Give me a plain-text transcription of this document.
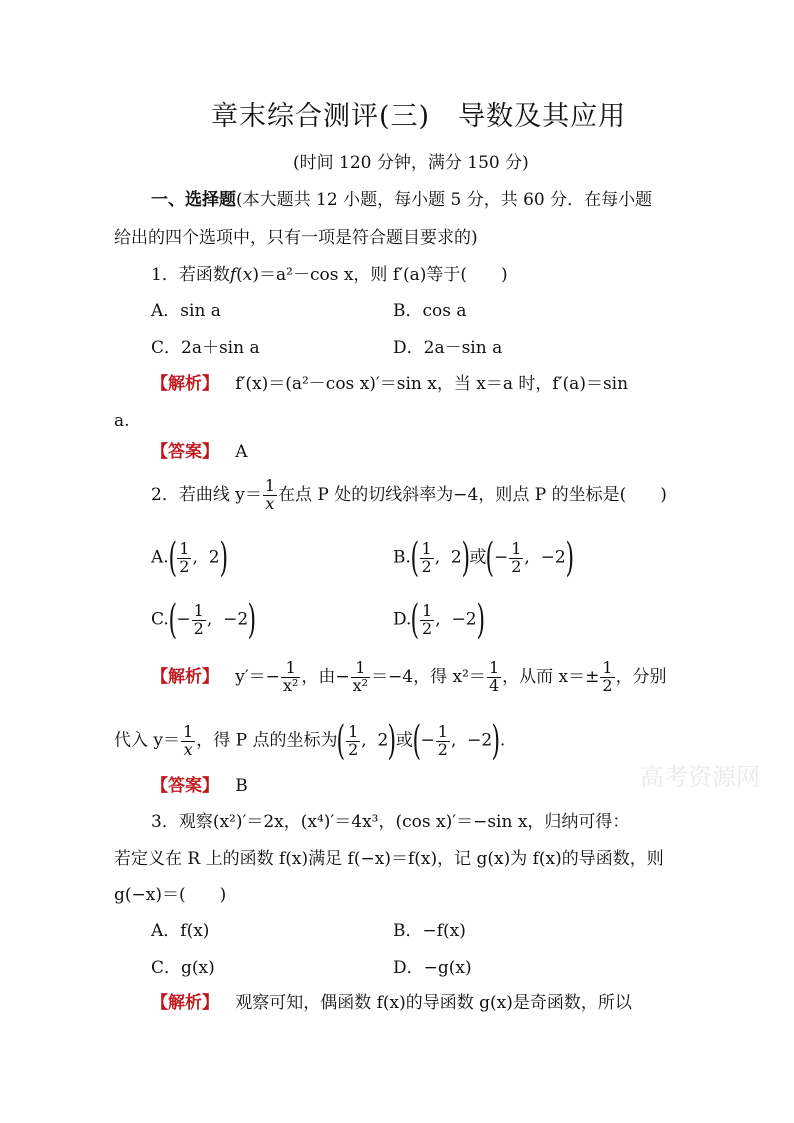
章末综合测评(三)　导数及其应用
(时间 120 分钟，满分 150 分)
一、选择题(本大题共 12 小题，每小题 5 分，共 60 分．在每小题
给出的四个选项中，只有一项是符合题目要求的)
1．若函数f(x)＝a²－cos x，则 f′(a)等于(　　)
A．sin a	B．cos a
C．2a＋sin a	D．2a－sin a
【解析】 f′(x)＝(a²－cos x)′＝sin x，当 x＝a 时，f′(a)＝sin
a.
【答案】 A
2．若曲线 $y= \frac{1}{x}$ 在点 P 处的切线斜率为−4，则点 P 的坐标是(　　)
$A.( \frac{1}{2}$ ,  2)	$B.( \frac{1}{2}$ ,  2)或(− $\frac{1}{2}$ ,  −2)
$C.(- \frac{1}{2}$ ,  −2)	$D.( \frac{1}{2}$ ,  −2)
【解析】 $y'=- \frac{1}{\text{x²}}$ ，由− $\frac{1}{\text{x²}} =-4$，得 $x^2= \frac{1}{4}$ ，从而 $x=\pm \frac{1}{2}$ ，分别
代入 $y= \frac{1}{x}$ ，得 P 点的坐标为( $\frac{1}{2}$ ,  2)或(− $\frac{1}{2}$ ,  −2).
【答案】 B	高考资源网
3．观察(x²)′＝2x，(x⁴)′＝4x³，(cos x)′＝−sin x，归纳可得：
若定义在 R 上的函数 f(x)满足 f(−x)＝f(x)，记 g(x)为 f(x)的导函数，则
g(−x)＝(　　)
A．f(x)	B．−f(x)
C．g(x)	D．−g(x)
【解析】 观察可知，偶函数 f(x)的导函数 g(x)是奇函数，所以
